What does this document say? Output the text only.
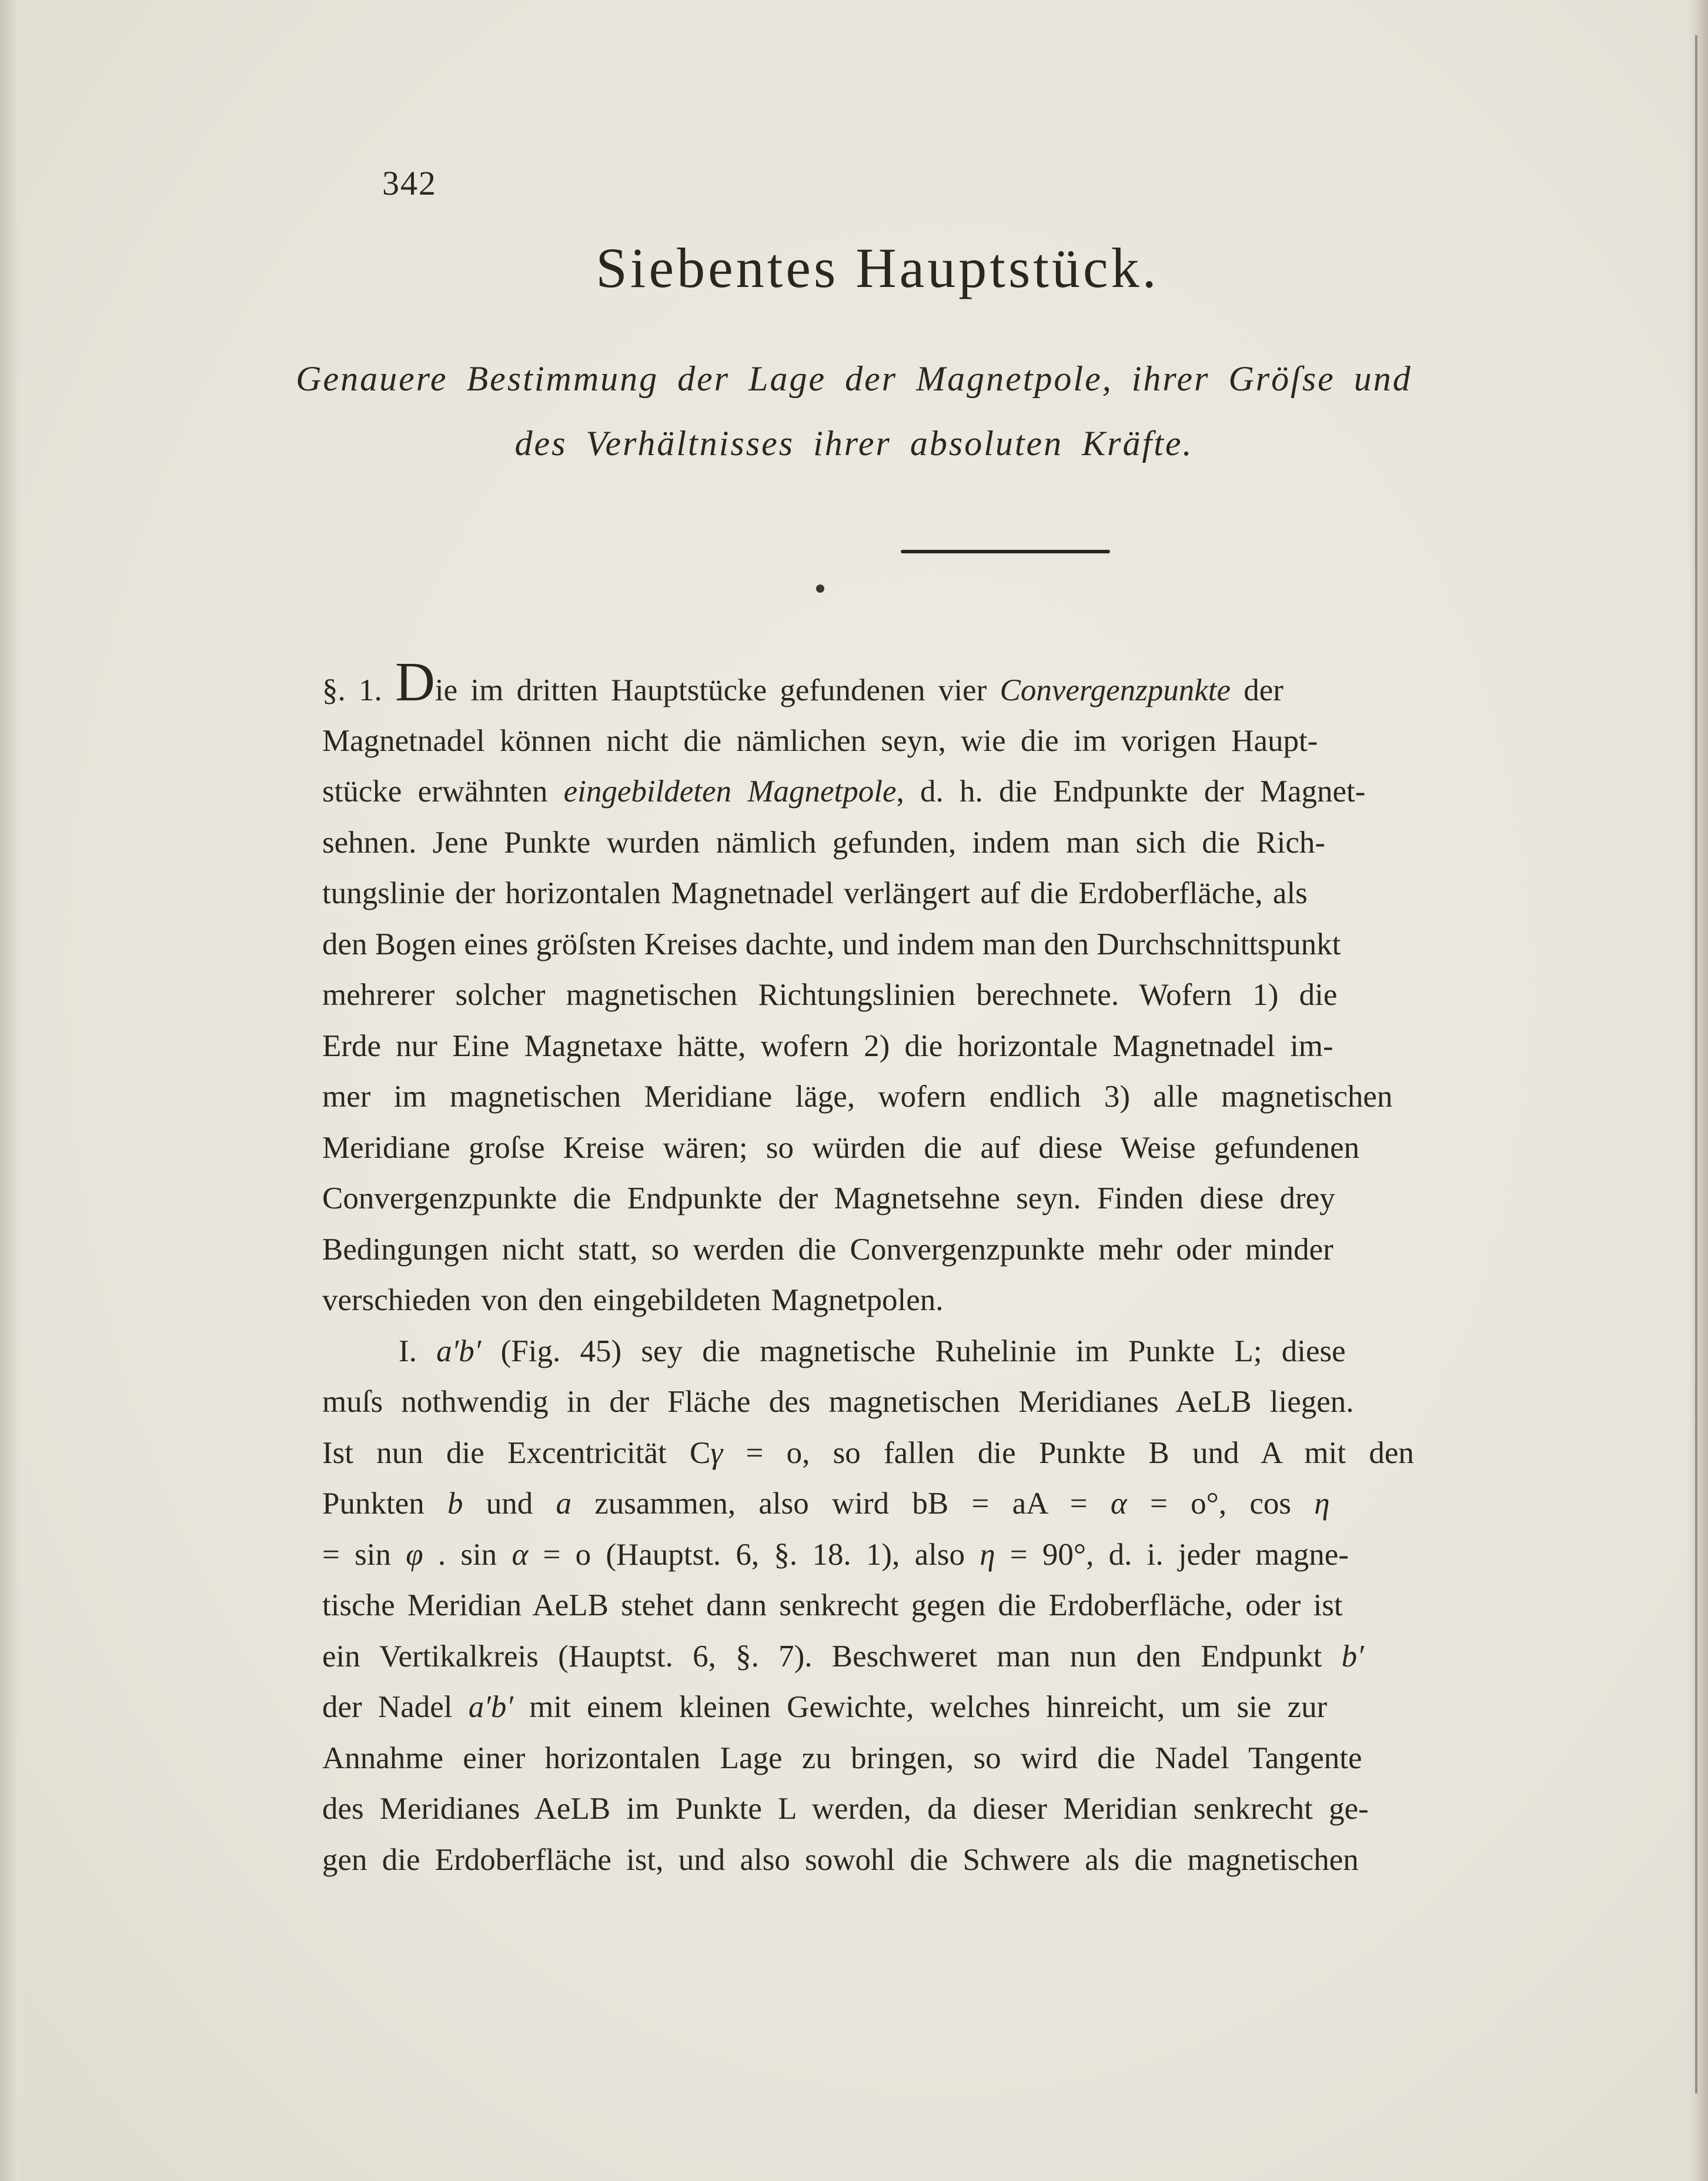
342
Siebentes Hauptstück.
Genauere Bestimmung der Lage der Magnetpole, ihrer Gröſse und
des Verhältnisses ihrer absoluten Kräfte.
§. 1. Die im dritten Hauptstücke gefundenen vier Convergenzpunkte der
Magnetnadel können nicht die nämlichen seyn, wie die im vorigen Haupt-
stücke erwähnten eingebildeten Magnetpole, d. h. die Endpunkte der Magnet-
sehnen. Jene Punkte wurden nämlich gefunden, indem man sich die Rich-
tungslinie der horizontalen Magnetnadel verlängert auf die Erdoberfläche, als
den Bogen eines gröſsten Kreises dachte, und indem man den Durchschnittspunkt
mehrerer solcher magnetischen Richtungslinien berechnete. Wofern 1) die
Erde nur Eine Magnetaxe hätte, wofern 2) die horizontale Magnetnadel im-
mer im magnetischen Meridiane läge, wofern endlich 3) alle magnetischen
Meridiane groſse Kreise wären; so würden die auf diese Weise gefundenen
Convergenzpunkte die Endpunkte der Magnetsehne seyn. Finden diese drey
Bedingungen nicht statt, so werden die Convergenzpunkte mehr oder minder
verschieden von den eingebildeten Magnetpolen.
I. a′b′ (Fig. 45) sey die magnetische Ruhelinie im Punkte L; diese
muſs nothwendig in der Fläche des magnetischen Meridianes AeLB liegen.
Ist nun die Excentricität Cγ = o, so fallen die Punkte B und A mit den
Punkten b und a zusammen, also wird bB = aA = α = o°, cos η
= sin φ . sin α = o (Hauptst. 6, §. 18. 1), also η = 90°, d. i. jeder magne-
tische Meridian AeLB stehet dann senkrecht gegen die Erdoberfläche, oder ist
ein Vertikalkreis (Hauptst. 6, §. 7). Beschweret man nun den Endpunkt b′
der Nadel a′b′ mit einem kleinen Gewichte, welches hinreicht, um sie zur
Annahme einer horizontalen Lage zu bringen, so wird die Nadel Tangente
des Meridianes AeLB im Punkte L werden, da dieser Meridian senkrecht ge-
gen die Erdoberfläche ist, und also sowohl die Schwere als die magnetischen
